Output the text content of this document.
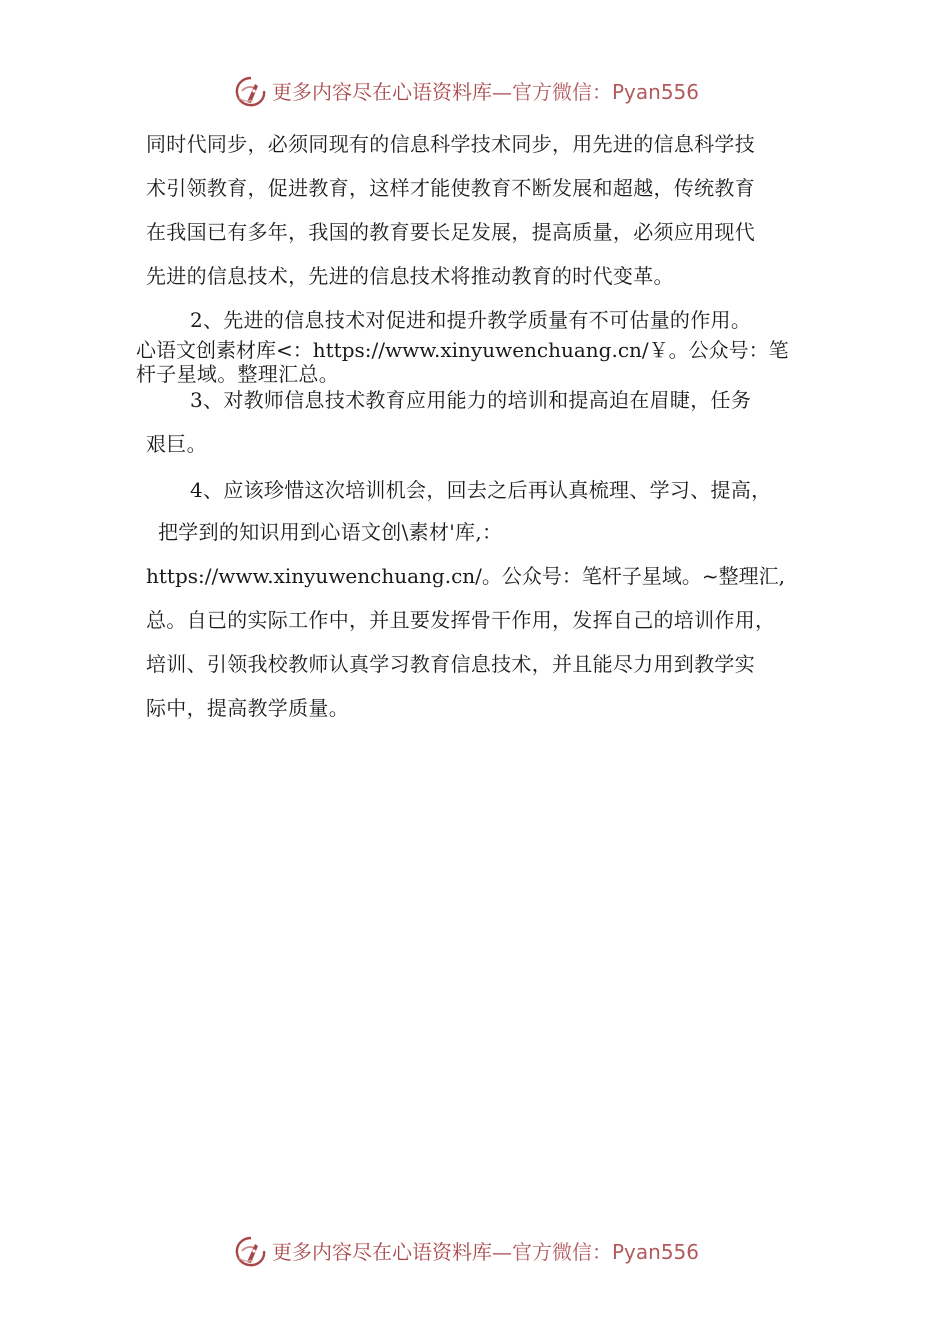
更多内容尽在心语资料库—官方微信：Pyan556
同时代同步，必须同现有的信息科学技术同步，用先进的信息科学技
术引领教育，促进教育，这样才能使教育不断发展和超越，传统教育
在我国已有多年，我国的教育要长足发展，提高质量，必须应用现代
先进的信息技术，先进的信息技术将推动教育的时代变革。
2、先进的信息技术对促进和提升教学质量有不可估量的作用。
心语文创素材库<：https://www.xinyuwenchuang.cn/￥。公众号：笔
杆子星域。整理汇总。
3、对教师信息技术教育应用能力的培训和提高迫在眉睫，任务
艰巨。
4、应该珍惜这次培训机会，回去之后再认真梳理、学习、提高，
把学到的知识用到心语文创\素材'库,：
https://www.xinyuwenchuang.cn/。公众号：笔杆子星域。~整理汇,
总。自已的实际工作中，并且要发挥骨干作用，发挥自己的培训作用，
培训、引领我校教师认真学习教育信息技术，并且能尽力用到教学实
际中，提高教学质量。
更多内容尽在心语资料库—官方微信：Pyan556
